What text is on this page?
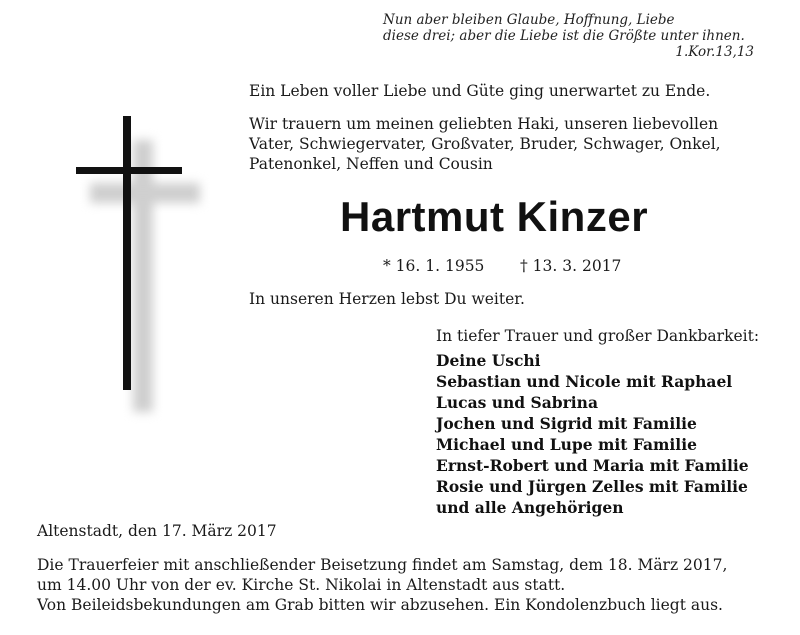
Nun aber bleiben Glaube, Hoffnung, Liebe
diese drei; aber die Liebe ist die Größte unter ihnen.
1.Kor.13,13
Ein Leben voller Liebe und Güte ging unerwartet zu Ende.
Wir trauern um meinen geliebten Haki, unseren liebevollen
Vater, Schwiegervater, Großvater, Bruder, Schwager, Onkel,
Patenonkel, Neffen und Cousin
Hartmut Kinzer
* 16. 1. 1955 † 13. 3. 2017
In unseren Herzen lebst Du weiter.
In tiefer Trauer und großer Dankbarkeit:
Deine Uschi
Sebastian und Nicole mit Raphael
Lucas und Sabrina
Jochen und Sigrid mit Familie
Michael und Lupe mit Familie
Ernst-Robert und Maria mit Familie
Rosie und Jürgen Zelles mit Familie
und alle Angehörigen
Altenstadt, den 17. März 2017
Die Trauerfeier mit anschließender Beisetzung findet am Samstag, dem 18. März 2017,
um 14.00 Uhr von der ev. Kirche St. Nikolai in Altenstadt aus statt.
Von Beileidsbekundungen am Grab bitten wir abzusehen. Ein Kondolenzbuch liegt aus.
